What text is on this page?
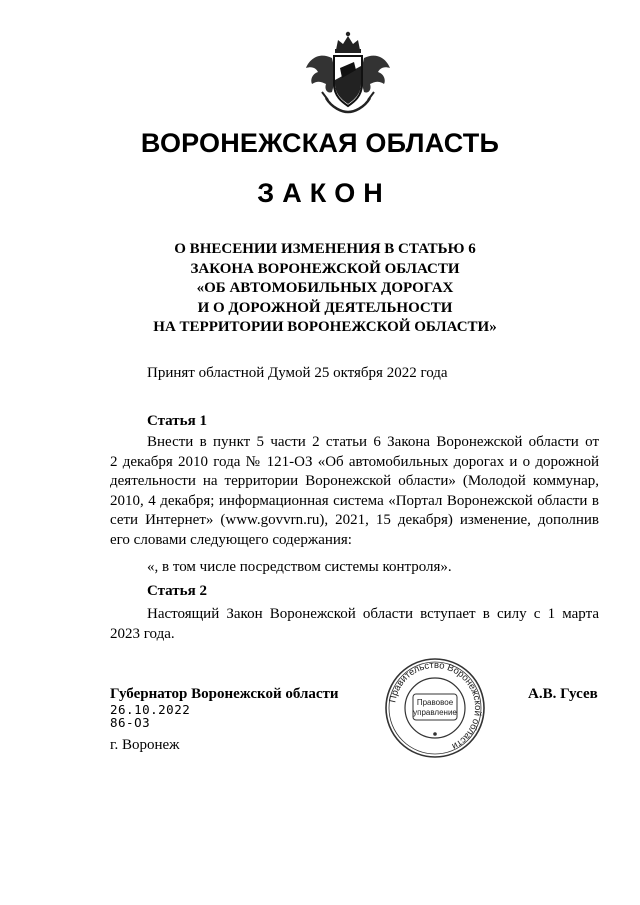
ВОРОНЕЖСКАЯ ОБЛАСТЬ
ЗАКОН
О ВНЕСЕНИИ ИЗМЕНЕНИЯ В СТАТЬЮ 6
ЗАКОНА ВОРОНЕЖСКОЙ ОБЛАСТИ
«ОБ АВТОМОБИЛЬНЫХ ДОРОГАХ
И О ДОРОЖНОЙ ДЕЯТЕЛЬНОСТИ
НА ТЕРРИТОРИИ ВОРОНЕЖСКОЙ ОБЛАСТИ»
Принят областной Думой 25 октября 2022 года
Статья 1
Внести в пункт 5 части 2 статьи 6 Закона Воронежской области от
2 декабря 2010 года № 121-ОЗ «Об автомобильных дорогах и о дорожной
деятельности на территории Воронежской области» (Молодой коммунар,
2010, 4 декабря; информационная система «Портал Воронежской области в
сети Интернет» (www.govvrn.ru), 2021, 15 декабря) изменение, дополнив
его словами следующего содержания:
«, в том числе посредством системы контроля».
Статья 2
Настоящий Закон Воронежской области вступает в силу с 1 марта
2023 года.
Губернатор Воронежской области	А.В. Гусев
26.10.2022
86-ОЗ
г. Воронеж
Правительство Воронежской области
Правовое
управление
